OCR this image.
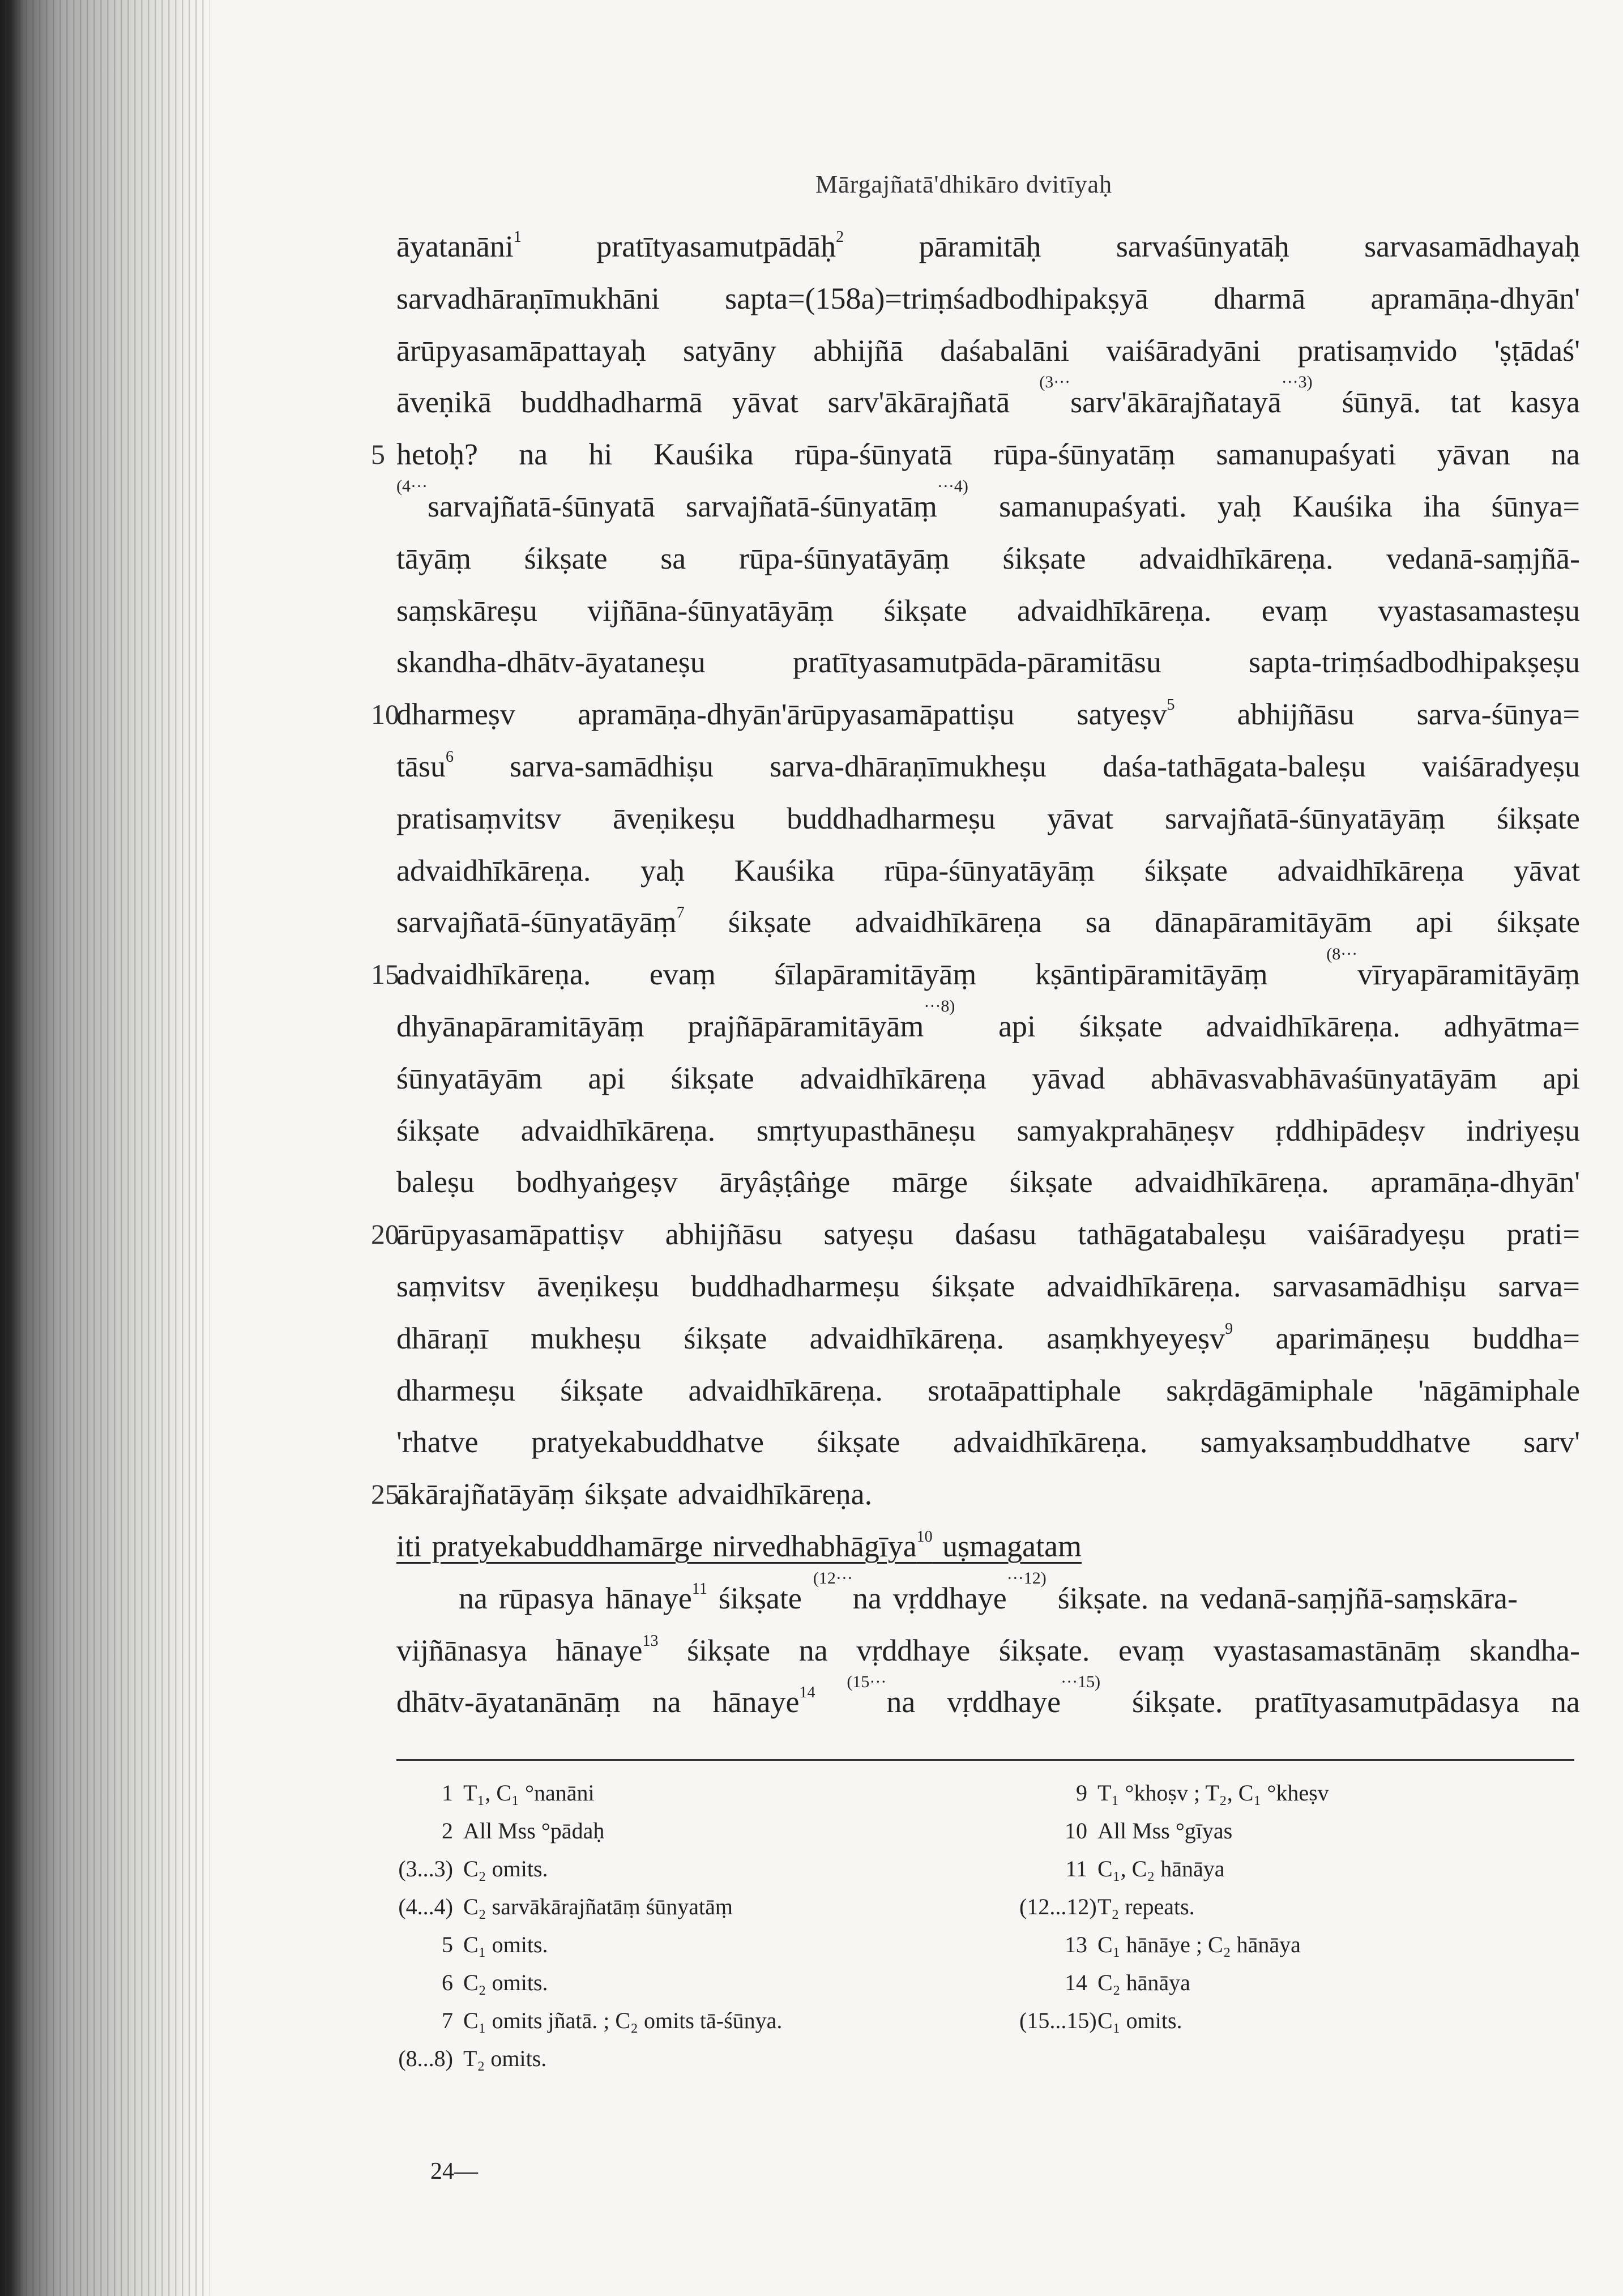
Mārgajñatā'dhikāro dvitīyaḥ
āyatanāni$^1$ pratītyasamutpādāḥ$^2$ pāramitāḥ sarvaśūnyatāḥ sarvasamādhayaḥ
sarvadhāraṇīmukhāni sapta=(158a)=triṃśadbodhipakṣyā dharmā apramāṇa-dhyān'
ārūpyasamāpattayaḥ satyāny abhijñā daśabalāni vaiśāradyāni pratisaṃvido 'ṣṭādaś'
āveṇikā buddhadharmā yāvat sarv'ākārajñatā $^{(3\cdot\cdot\cdot}$sarv'ākārajñatayā$^{\cdot\cdot\cdot 3)}$ śūnyā. tat kasya
5 hetoḥ? na hi Kauśika rūpa-śūnyatā rūpa-śūnyatāṃ samanupaśyati yāvan na
$^{(4\cdot\cdot\cdot}$sarvajñatā-śūnyatā sarvajñatā-śūnyatāṃ$^{\cdot\cdot\cdot 4)}$ samanupaśyati. yaḥ Kauśika iha śūnya=
tāyāṃ śikṣate sa rūpa-śūnyatāyāṃ śikṣate advaidhīkāreṇa. vedanā-saṃjñā-
saṃskāreṣu vijñāna-śūnyatāyāṃ śikṣate advaidhīkāreṇa. evaṃ vyastasamasteṣu
skandha-dhātv-āyataneṣu pratītyasamutpāda-pāramitāsu sapta-triṃśadbodhipakṣeṣu
10
dharmeṣv apramāṇa-dhyān'ārūpyasamāpattiṣu satyeṣv$^5$ abhijñāsu sarva-śūnya=
tāsu$^6$ sarva-samādhiṣu sarva-dhāraṇīmukheṣu daśa-tathāgata-baleṣu vaiśāradyeṣu
pratisaṃvitsv āveṇikeṣu buddhadharmeṣu yāvat sarvajñatā-śūnyatāyāṃ śikṣate
advaidhīkāreṇa. yaḥ Kauśika rūpa-śūnyatāyāṃ śikṣate advaidhīkāreṇa yāvat
sarvajñatā-śūnyatāyāṃ$^7$ śikṣate advaidhīkāreṇa sa dānapāramitāyām api śikṣate
15
advaidhīkāreṇa. evaṃ śīlapāramitāyāṃ kṣāntipāramitāyāṃ $^{(8\cdot\cdot\cdot}$vīryapāramitāyāṃ
dhyānapāramitāyāṃ prajñāpāramitāyām$^{\cdot\cdot\cdot 8)}$ api śikṣate advaidhīkāreṇa. adhyātma=
śūnyatāyām api śikṣate advaidhīkāreṇa yāvad abhāvasvabhāvaśūnyatāyām api
śikṣate advaidhīkāreṇa. smṛtyupasthāneṣu samyakprahāṇeṣv ṛddhipādeṣv indriyeṣu
baleṣu bodhyaṅgeṣv āryâṣṭâṅge mārge śikṣate advaidhīkāreṇa. apramāṇa-dhyān'
20
ārūpyasamāpattiṣv abhijñāsu satyeṣu daśasu tathāgatabaleṣu vaiśāradyeṣu prati=
saṃvitsv āveṇikeṣu buddhadharmeṣu śikṣate advaidhīkāreṇa. sarvasamādhiṣu sarva=
dhāraṇī mukheṣu śikṣate advaidhīkāreṇa. asaṃkhyeyeṣv$^9$ aparimāṇeṣu buddha=
dharmeṣu śikṣate advaidhīkāreṇa. srotaāpattiphale sakṛdāgāmiphale 'nāgāmiphale
'rhatve pratyekabuddhatve śikṣate advaidhīkāreṇa. samyaksaṃbuddhatve sarv'
25
ākārajñatāyāṃ śikṣate advaidhīkāreṇa.
iti pratyekabuddhamārge nirvedhabhāgīya$^{10}$ uṣmagatam
na rūpasya hānaye$^{11}$ śikṣate $^{(12\cdot\cdot\cdot}$na vṛddhaye$^{\cdot\cdot\cdot 12)}$ śikṣate. na vedanā-saṃjñā-saṃskāra-
vijñānasya hānaye$^{13}$ śikṣate na vṛddhaye śikṣate. evaṃ vyastasamastānāṃ skandha-
dhātv-āyatanānāṃ na hānaye$^{14}$ $^{(15\cdot\cdot\cdot}$na vṛddhaye$^{\cdot\cdot\cdot 15)}$ śikṣate. pratītyasamutpādasya na
1 T₁, C₁ °nanāni
2 All Mss °pādaḥ
(3...3) C₂ omits.
(4...4) C₂ sarvākārajñatāṃ śūnyatāṃ
5 C₁ omits.
6 C₂ omits.
7 C₁ omits jñatā. ; C₂ omits tā-śūnya.
(8...8) T₂ omits.
9 T₁ °khoṣv ; T₂, C₁ °kheṣv
10 All Mss °gīyas
11 C₁, C₂ hānāya
(12...12)T₂ repeats.
13 C₁ hānāye ; C₂ hānāya
14 C₂ hānāya
(15...15)C₁ omits.
24—
